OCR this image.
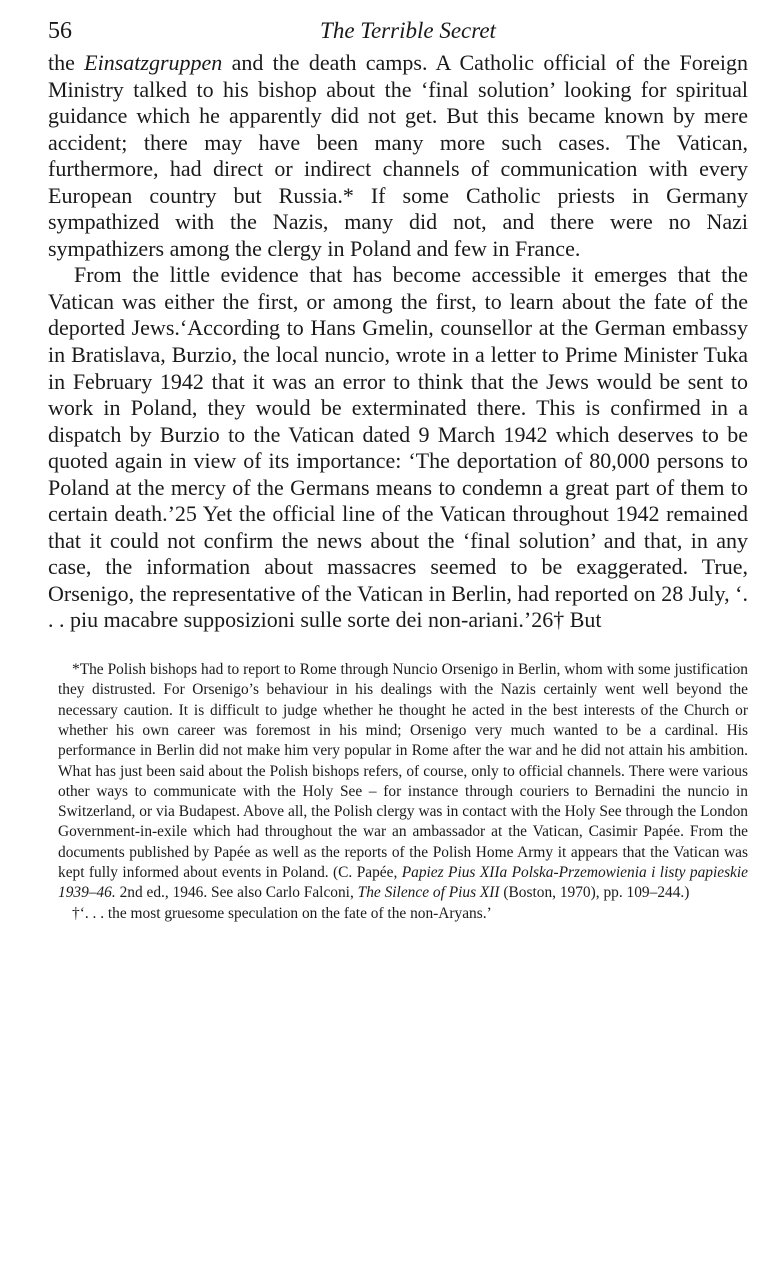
56	The Terrible Secret

the Einsatzgruppen and the death camps. A Catholic official of the Foreign Ministry talked to his bishop about the ‘final solution’ looking for spiritual guidance which he apparently did not get. But this became known by mere accident; there may have been many more such cases. The Vatican, furthermore, had direct or indirect channels of communication with every European country but Russia.* If some Catholic priests in Germany sympathized with the Nazis, many did not, and there were no Nazi sympathizers among the clergy in Poland and few in France.

From the little evidence that has become accessible it emerges that the Vatican was either the first, or among the first, to learn about the fate of the deported Jews.‘According to Hans Gmelin, counsellor at the German embassy in Bratislava, Burzio, the local nuncio, wrote in a letter to Prime Minister Tuka in February 1942 that it was an error to think that the Jews would be sent to work in Poland, they would be exterminated there. This is confirmed in a dispatch by Burzio to the Vatican dated 9 March 1942 which deserves to be quoted again in view of its importance: ‘The deportation of 80,000 persons to Poland at the mercy of the Germans means to condemn a great part of them to certain death.’25 Yet the official line of the Vatican throughout 1942 remained that it could not confirm the news about the ‘final solution’ and that, in any case, the information about massacres seemed to be exaggerated. True, Orsenigo, the representative of the Vatican in Berlin, had reported on 28 July, ‘. . . piu macabre supposizioni sulle sorte dei non-ariani.’26† But

*The Polish bishops had to report to Rome through Nuncio Orsenigo in Berlin, whom with some justification they distrusted. For Orsenigo’s behaviour in his dealings with the Nazis certainly went well beyond the necessary caution. It is difficult to judge whether he thought he acted in the best interests of the Church or whether his own career was foremost in his mind; Orsenigo very much wanted to be a cardinal. His performance in Berlin did not make him very popular in Rome after the war and he did not attain his ambition. What has just been said about the Polish bishops refers, of course, only to official channels. There were various other ways to communicate with the Holy See – for instance through couriers to Bernadini the nuncio in Switzerland, or via Budapest. Above all, the Polish clergy was in contact with the Holy See through the London Government-in-exile which had throughout the war an ambassador at the Vatican, Casimir Papée. From the documents published by Papée as well as the reports of the Polish Home Army it appears that the Vatican was kept fully informed about events in Poland. (C. Papée, Papiez Pius XIIa Polska-Przemowienia i listy papieskie 1939–46. 2nd ed., 1946. See also Carlo Falconi, The Silence of Pius XII (Boston, 1970), pp. 109–244.)

†‘. . . the most gruesome speculation on the fate of the non-Aryans.’
